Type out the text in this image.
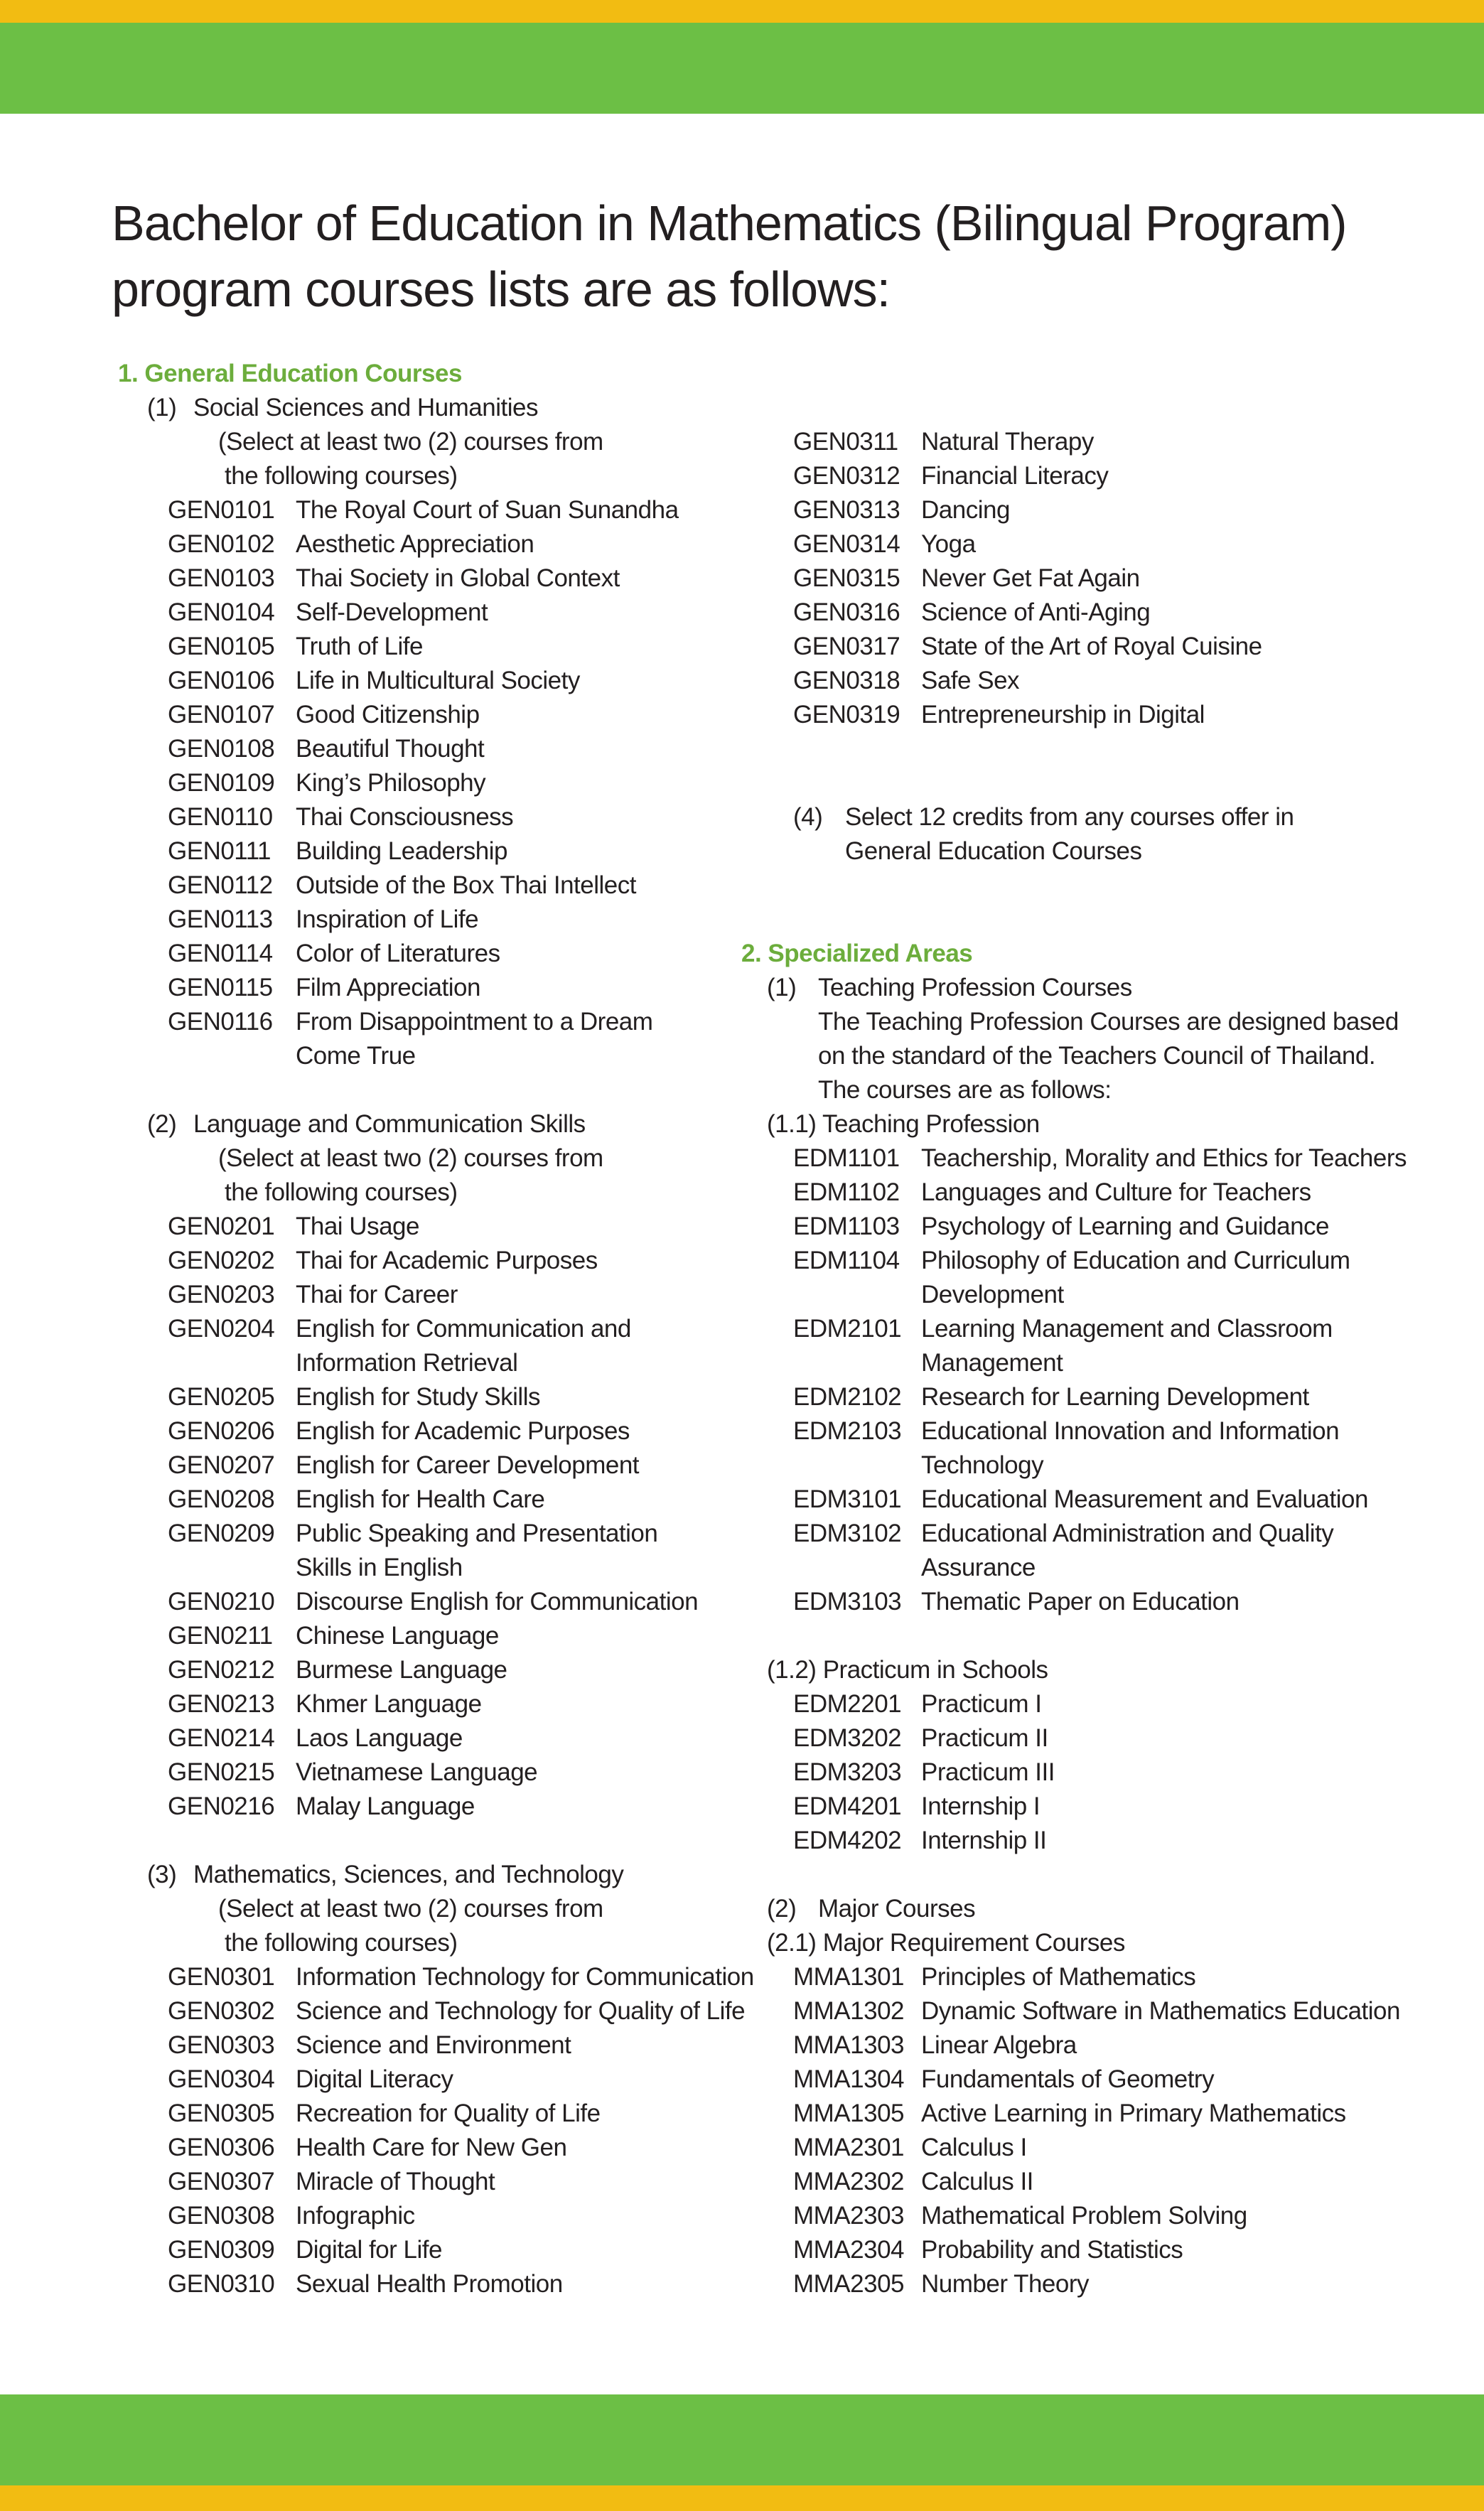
Bachelor of Education in Mathematics (Bilingual Program)
program courses lists are as follows:
1. General Education Courses
(1) Social Sciences and Humanities
(Select at least two (2) courses from
the following courses)
GEN0101 The Royal Court of Suan Sunandha
GEN0102 Aesthetic Appreciation
GEN0103 Thai Society in Global Context
GEN0104 Self-Development
GEN0105 Truth of Life
GEN0106 Life in Multicultural Society
GEN0107 Good Citizenship
GEN0108 Beautiful Thought
GEN0109 King’s Philosophy
GEN0110 Thai Consciousness
GEN0111 Building Leadership
GEN0112 Outside of the Box Thai Intellect
GEN0113 Inspiration of Life
GEN0114 Color of Literatures
GEN0115 Film Appreciation
GEN0116 From Disappointment to a Dream
Come True
(2) Language and Communication Skills
(Select at least two (2) courses from
the following courses)
GEN0201 Thai Usage
GEN0202 Thai for Academic Purposes
GEN0203 Thai for Career
GEN0204 English for Communication and
Information Retrieval
GEN0205 English for Study Skills
GEN0206 English for Academic Purposes
GEN0207 English for Career Development
GEN0208 English for Health Care
GEN0209 Public Speaking and Presentation
Skills in English
GEN0210 Discourse English for Communication
GEN0211 Chinese Language
GEN0212 Burmese Language
GEN0213 Khmer Language
GEN0214 Laos Language
GEN0215 Vietnamese Language
GEN0216 Malay Language
(3) Mathematics, Sciences, and Technology
(Select at least two (2) courses from
the following courses)
GEN0301 Information Technology for Communication
GEN0302 Science and Technology for Quality of Life
GEN0303 Science and Environment
GEN0304 Digital Literacy
GEN0305 Recreation for Quality of Life
GEN0306 Health Care for New Gen
GEN0307 Miracle of Thought
GEN0308 Infographic
GEN0309 Digital for Life
GEN0310 Sexual Health Promotion
GEN0311 Natural Therapy
GEN0312 Financial Literacy
GEN0313 Dancing
GEN0314 Yoga
GEN0315 Never Get Fat Again
GEN0316 Science of Anti-Aging
GEN0317 State of the Art of Royal Cuisine
GEN0318 Safe Sex
GEN0319 Entrepreneurship in Digital
(4) Select 12 credits from any courses offer in
General Education Courses
2. Specialized Areas
(1) Teaching Profession Courses
The Teaching Profession Courses are designed based
on the standard of the Teachers Council of Thailand.
The courses are as follows:
(1.1) Teaching Profession
EDM1101 Teachership, Morality and Ethics for Teachers
EDM1102 Languages and Culture for Teachers
EDM1103 Psychology of Learning and Guidance
EDM1104 Philosophy of Education and Curriculum
Development
EDM2101 Learning Management and Classroom
Management
EDM2102 Research for Learning Development
EDM2103 Educational Innovation and Information
Technology
EDM3101 Educational Measurement and Evaluation
EDM3102 Educational Administration and Quality
Assurance
EDM3103 Thematic Paper on Education
(1.2) Practicum in Schools
EDM2201 Practicum I
EDM3202 Practicum II
EDM3203 Practicum III
EDM4201 Internship I
EDM4202 Internship II
(2) Major Courses
(2.1) Major Requirement Courses
MMA1301 Principles of Mathematics
MMA1302 Dynamic Software in Mathematics Education
MMA1303 Linear Algebra
MMA1304 Fundamentals of Geometry
MMA1305 Active Learning in Primary Mathematics
MMA2301 Calculus I
MMA2302 Calculus II
MMA2303 Mathematical Problem Solving
MMA2304 Probability and Statistics
MMA2305 Number Theory
